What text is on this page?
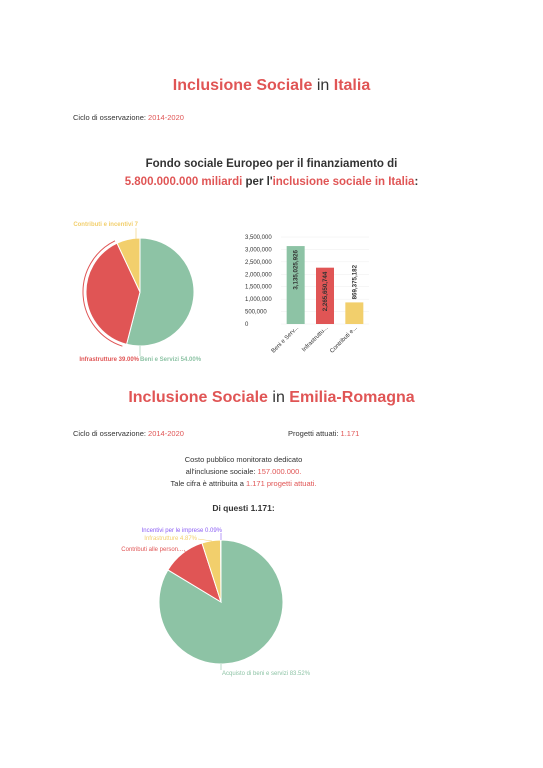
Inclusione Sociale in Italia
Ciclo di osservazione: 2014-2020
Fondo sociale Europeo per il finanziamento di
5.800.000.000 miliardi per l'inclusione sociale in Italia:
Beni e Servizi 54.00%
Infrastrutture 39.00%
Contributi e incentivi 7
0
500,000
1,000,000
1,500,000
2,000,000
2,500,000
3,000,000
3,500,000
3,135,025,926
Beni e Serv...
2,265,650,744
Infrastruttu...
869,375,182
Contributi e...
Inclusione Sociale in Emilia-Romagna
Ciclo di osservazione: 2014-2020	Progetti attuati: 1.171
Costo pubblico monitorato dedicato
all'inclusione sociale: 157.000.000.
Tale cifra è attribuita a 1.171 progetti attuati.
Di questi 1.171:
Acquisto di beni e servizi 83.52%
Contributi alle person...
Infrastrutture 4.87%
Incentivi per le imprese 0.09%
